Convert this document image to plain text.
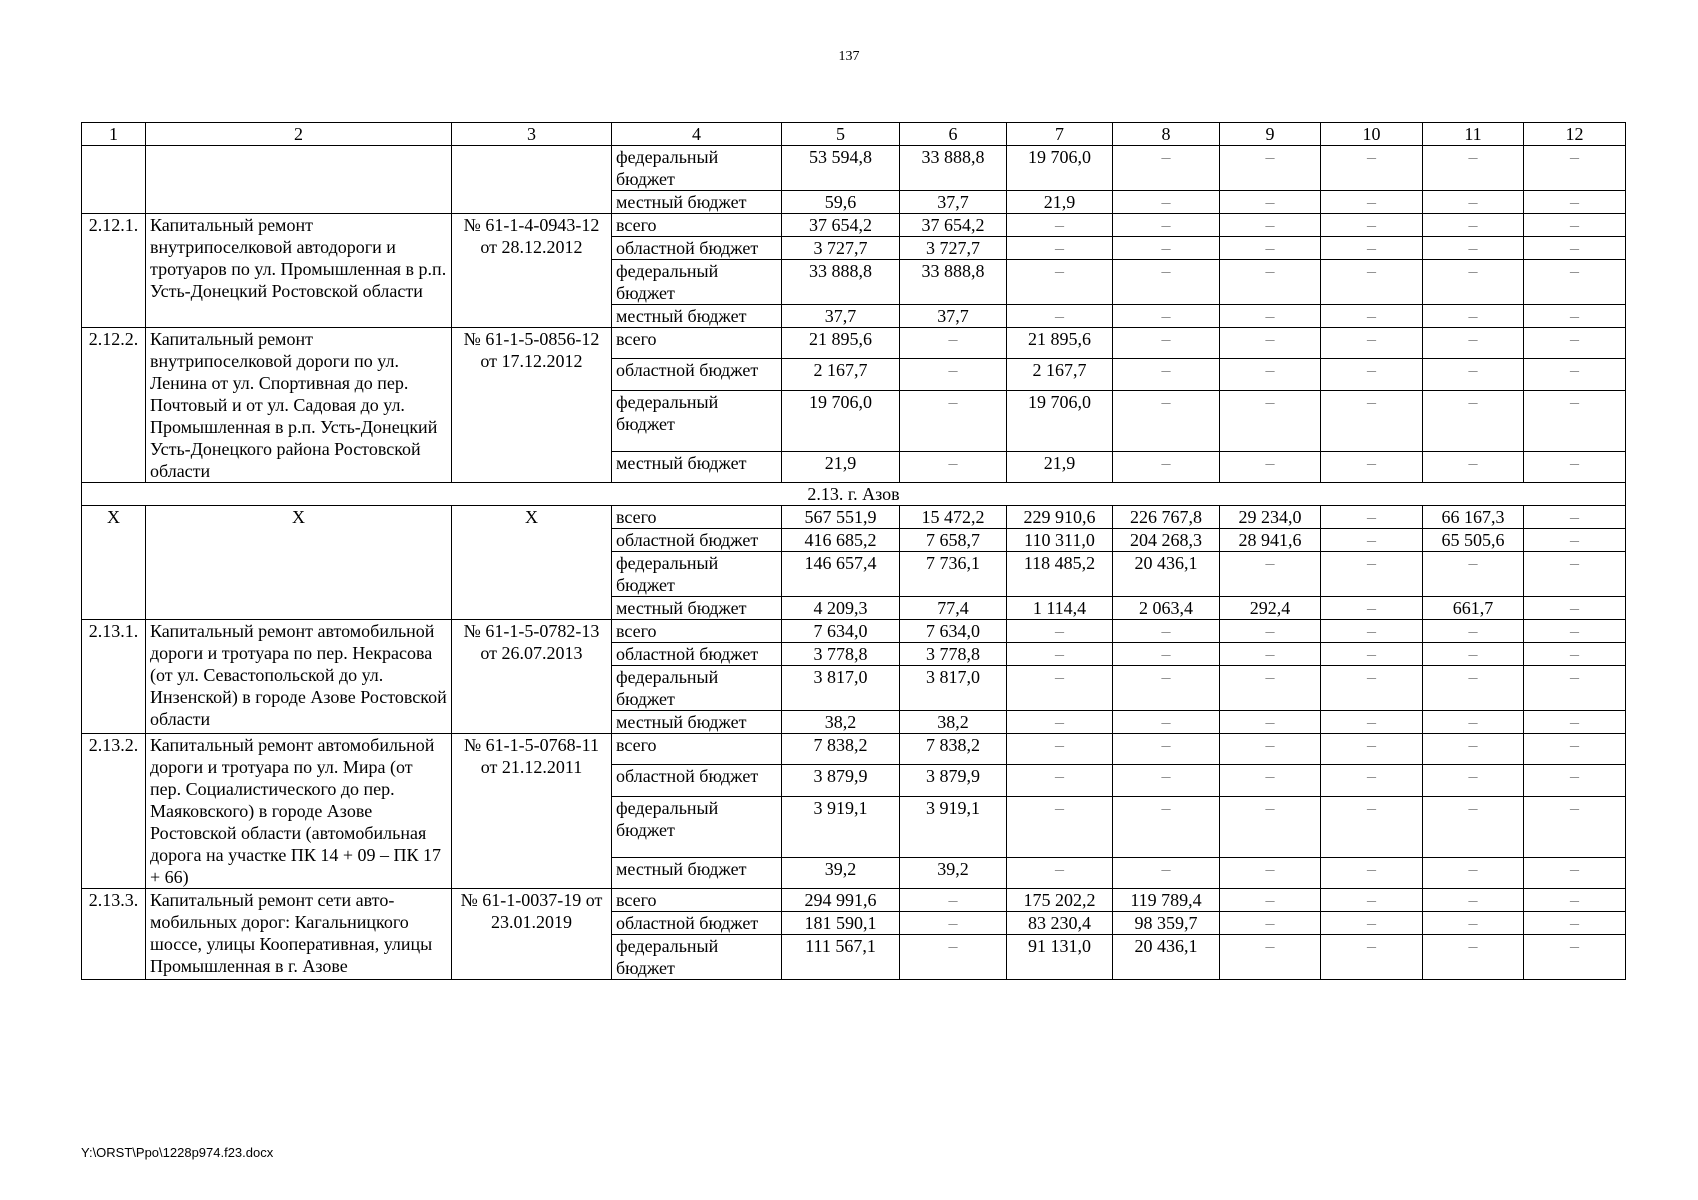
137
1	2	3	4	5	6	7	8	9	10	11	12
			федеральный бюджет	53 594,8	33 888,8	19 706,0	–	–	–	–	–
			местный бюджет	59,6	37,7	21,9	–	–	–	–	–
2.12.1.	Капитальный ремонт внутрипоселковой автодороги и тротуаров по ул. Промышленная в р.п. Усть-Донецкий Ростовской области	№ 61-1-4-0943-12 от 28.12.2012	всего	37 654,2	37 654,2	–	–	–	–	–	–
			областной бюджет	3 727,7	3 727,7	–	–	–	–	–	–
			федеральный бюджет	33 888,8	33 888,8	–	–	–	–	–	–
			местный бюджет	37,7	37,7	–	–	–	–	–	–
2.12.2.	Капитальный ремонт внутрипоселковой дороги по ул. Ленина от ул. Спортивная до пер. Почтовый и от ул. Садовая до ул. Промышленная в р.п. Усть-Донецкий Усть-Донецкого района Ростовской области	№ 61-1-5-0856-12 от 17.12.2012	всего	21 895,6	–	21 895,6	–	–	–	–	–
			областной бюджет	2 167,7	–	2 167,7	–	–	–	–	–
			федеральный бюджет	19 706,0	–	19 706,0	–	–	–	–	–
			местный бюджет	21,9	–	21,9	–	–	–	–	–
2.13. г. Азов											
Х	Х	Х	всего	567 551,9	15 472,2	229 910,6	226 767,8	29 234,0	–	66 167,3	–
			областной бюджет	416 685,2	7 658,7	110 311,0	204 268,3	28 941,6	–	65 505,6	–
			федеральный бюджет	146 657,4	7 736,1	118 485,2	20 436,1	–	–	–	–
			местный бюджет	4 209,3	77,4	1 114,4	2 063,4	292,4	–	661,7	–
2.13.1.	Капитальный ремонт автомобильной дороги и тротуара по пер. Некрасова (от ул. Севастопольской до ул. Инзенской) в городе Азове Ростовской области	№ 61-1-5-0782-13 от 26.07.2013	всего	7 634,0	7 634,0	–	–	–	–	–	–
			областной бюджет	3 778,8	3 778,8	–	–	–	–	–	–
			федеральный бюджет	3 817,0	3 817,0	–	–	–	–	–	–
			местный бюджет	38,2	38,2	–	–	–	–	–	–
2.13.2.	Капитальный ремонт автомобильной дороги и тротуара по ул. Мира (от пер. Социалистического до пер. Маяковского) в городе Азове Ростовской области (автомобильная дорога на участке ПК 14 + 09 – ПК 17 + 66)	№ 61-1-5-0768-11 от 21.12.2011	всего	7 838,2	7 838,2	–	–	–	–	–	–
			областной бюджет	3 879,9	3 879,9	–	–	–	–	–	–
			федеральный бюджет	3 919,1	3 919,1	–	–	–	–	–	–
			местный бюджет	39,2	39,2	–	–	–	–	–	–
2.13.3.	Капитальный ремонт сети авто-мобильных дорог: Кагальницкого шоссе, улицы Кооперативная, улицы Промышленная в г. Азове	№ 61-1-0037-19 от 23.01.2019	всего	294 991,6	–	175 202,2	119 789,4	–	–	–	–
			областной бюджет	181 590,1	–	83 230,4	98 359,7	–	–	–	–
			федеральный бюджет	111 567,1	–	91 131,0	20 436,1	–	–	–	–
Y:\ORST\Ppo\1228p974.f23.docx
